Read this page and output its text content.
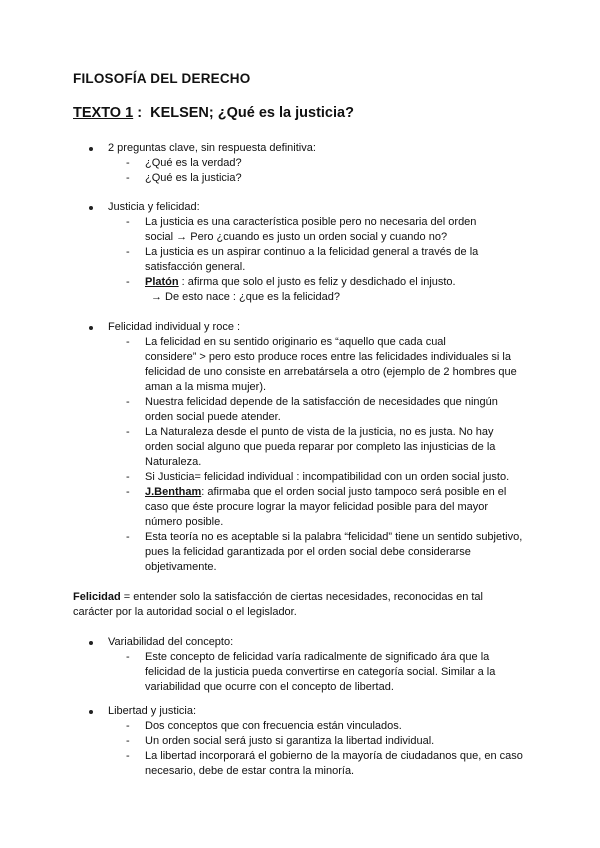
FILOSOFÍA DEL DERECHO
TEXTO 1 :  KELSEN; ¿Qué es la justicia?
2 preguntas clave, sin respuesta definitiva:
- ¿Qué es la verdad?
- ¿Qué es la justicia?
Justicia y felicidad:
- La justicia es una característica posible pero no necesaria del orden
social → Pero ¿cuando es justo un orden social y cuando no?
- La justicia es un aspirar continuo a la felicidad general a través de la
satisfacción general.
- Platón : afirma que solo el justo es feliz y desdichado el injusto.
→ De esto nace : ¿que es la felicidad?
Felicidad individual y roce :
- La felicidad en su sentido originario es “aquello que cada cual
considere” > pero esto produce roces entre las felicidades individuales si la
felicidad de uno consiste en arrebatársela a otro (ejemplo de 2 hombres que
aman a la misma mujer).
- Nuestra felicidad depende de la satisfacción de necesidades que ningún
orden social puede atender.
- La Naturaleza desde el punto de vista de la justicia, no es justa. No hay
orden social alguno que pueda reparar por completo las injusticias de la
Naturaleza.
- Si Justicia= felicidad individual : incompatibilidad con un orden social justo.
- J.Bentham: afirmaba que el orden social justo tampoco será posible en el
caso que éste procure lograr la mayor felicidad posible para del mayor
número posible.
- Esta teoría no es aceptable si la palabra “felicidad” tiene un sentido subjetivo,
pues la felicidad garantizada por el orden social debe considerarse
objetivamente.
Felicidad = entender solo la satisfacción de ciertas necesidades, reconocidas en tal
carácter por la autoridad social o el legislador.
Variabilidad del concepto:
- Este concepto de felicidad varía radicalmente de significado ára que la
felicidad de la justicia pueda convertirse en categoría social. Similar a la
variabilidad que ocurre con el concepto de libertad.
Libertad y justicia:
- Dos conceptos que con frecuencia están vinculados.
- Un orden social será justo si garantiza la libertad individual.
- La libertad incorporará el gobierno de la mayoría de ciudadanos que, en caso
necesario, debe de estar contra la minoría.
